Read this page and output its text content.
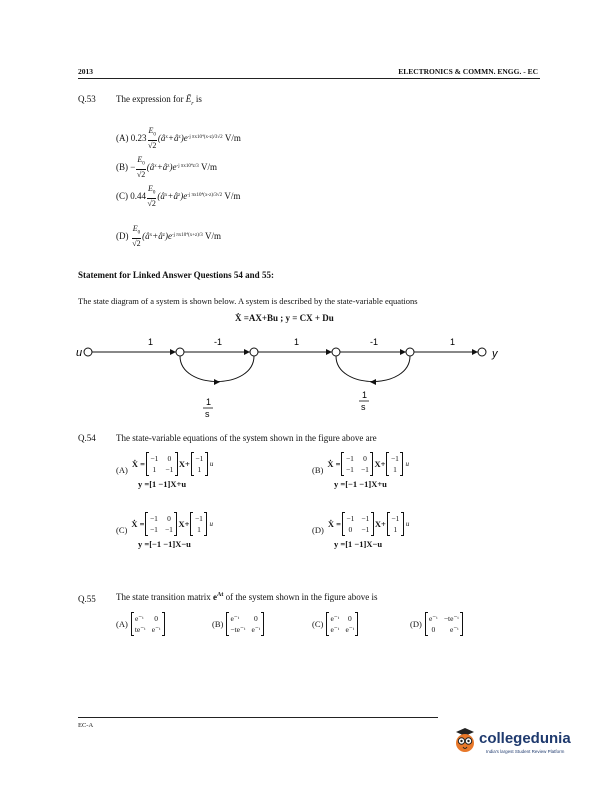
2013	ELECTRONICS & COMMN. ENGG. - EC
Q.53 The expression for $Ē_r$ is
(A)
$0.23 \frac{E_0}{√2}$ (â x +â z )e -j πx10⁴(x-z)/3√2
V/m
(B)
− $\frac{E_0}{√2}$ (â x +â z )e -j πx10⁴z/3
V/m
(C)
$0.44 \frac{E_0}{√2}$ (â x +â z )e -j πx10⁴(x-z)/3√2
V/m
(D)
$\frac{E_0}{√2}$ (â x +â z )e -j πx10⁴(x+z)/3
V/m
Statement for Linked Answer Questions 54 and 55:
The state diagram of a system is shown below. A system is described by the state-variable equations
Ẋ =AX+Bu ; y = CX + Du
u	y
1	-1	1	-1	1
1
s
1
s
Q.54 The state-variable equations of the system shown in the figure above are
(A)
Ẋ =
−1	0
1	−1
X+
−1
1
u
y =[1 −1]X+u
(B)
Ẋ =
−1	0
−1 −1
X+
−1
1
u
y =[−1 −1]X+u
(C)
Ẋ =
−1	0
−1 −1
X+
−1
1
u
y =[−1 −1]X−u
(D)
Ẋ =
−1 −1
0	−1
X+
−1
1
u
y =[1 −1]X−u
Q.55 The state transition matrix $e^{At}$ of the system shown in the figure above is
(A)
e⁻ᵗ	0
te⁻ᵗ e⁻ᵗ
(B)
e⁻ᵗ	0
−te⁻ᵗ e⁻ᵗ
(C)
e⁻ᵗ	0
e⁻ᵗ e⁻ᵗ
(D)
e⁻ᵗ −te⁻ᵗ
0	e⁻ᵗ
EC-A
collegedunia
India's largest Student Review Platform
